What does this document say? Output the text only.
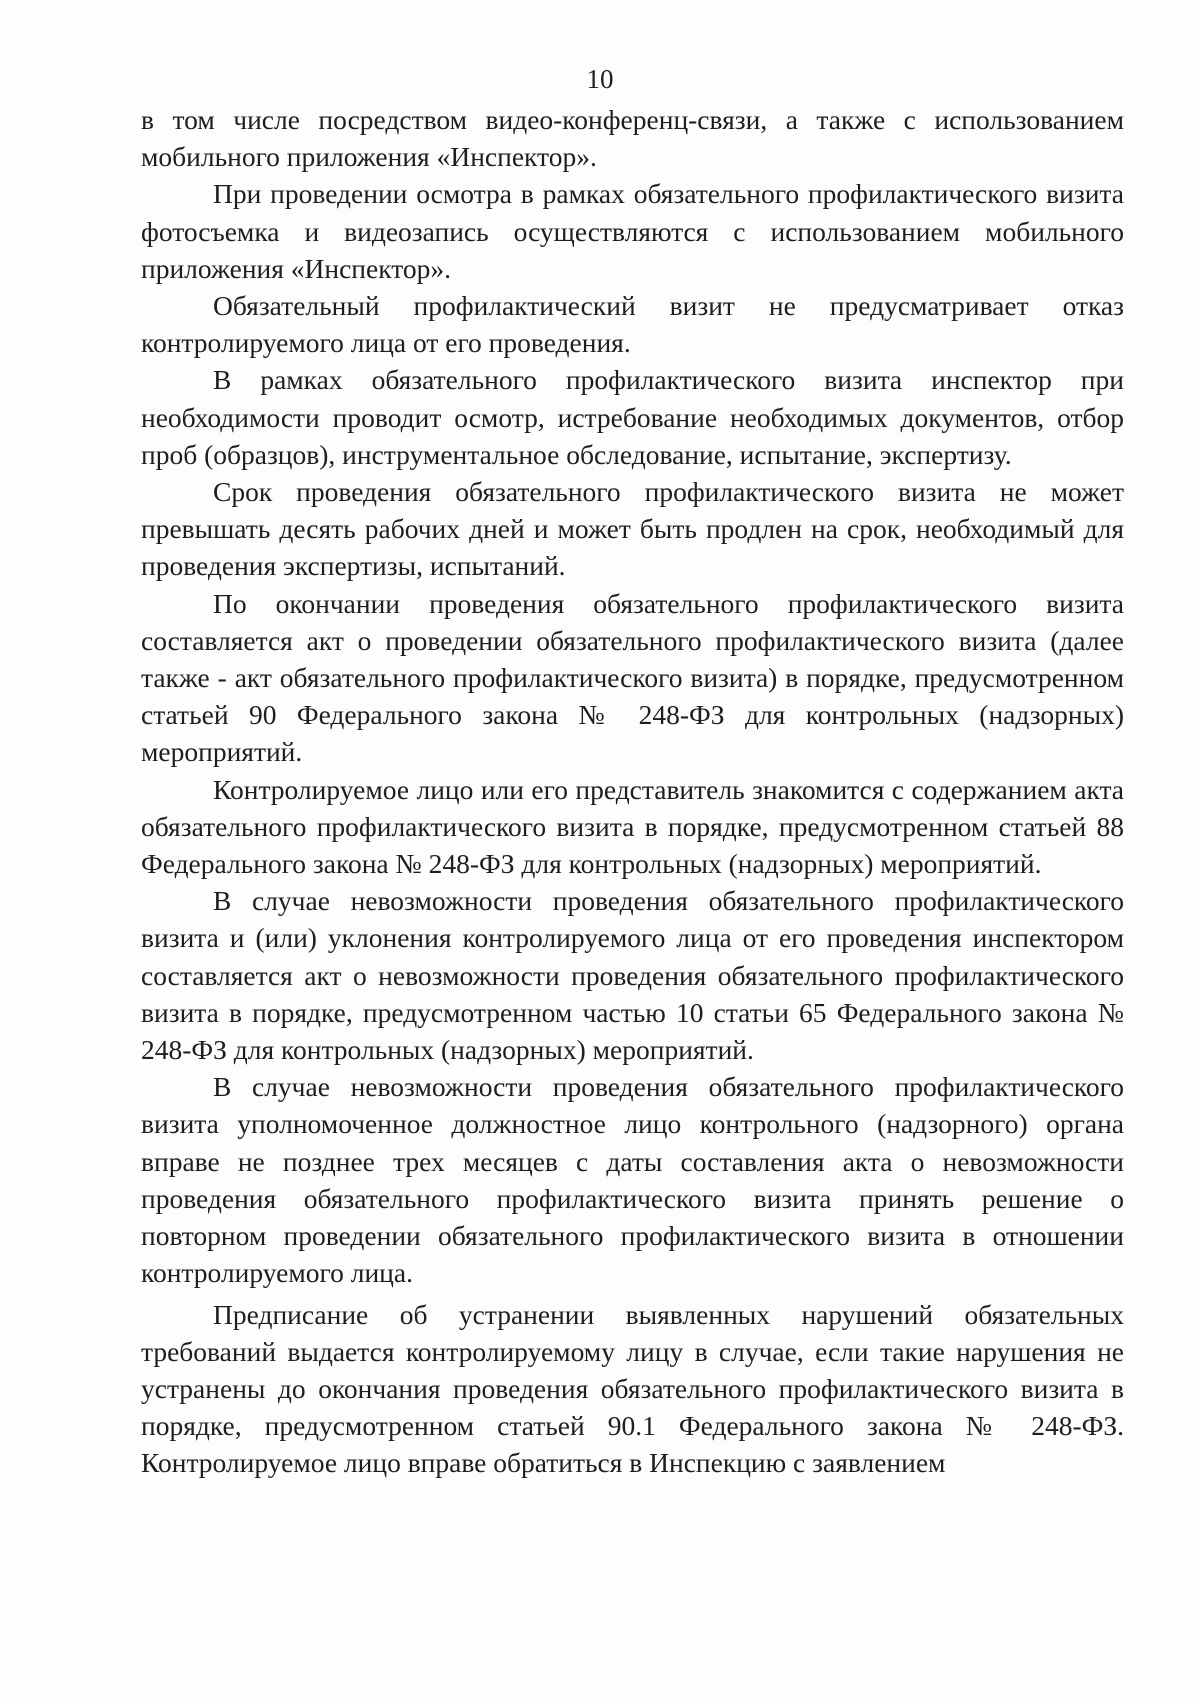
10

в том числе посредством видео-конференц-связи, а также с использованием мобильного приложения «Инспектор».

При проведении осмотра в рамках обязательного профилактического визита фотосъемка и видеозапись осуществляются с использованием мобильного приложения «Инспектор».

Обязательный профилактический визит не предусматривает отказ контролируемого лица от его проведения.

В рамках обязательного профилактического визита инспектор при необходимости проводит осмотр, истребование необходимых документов, отбор проб (образцов), инструментальное обследование, испытание, экспертизу.

Срок проведения обязательного профилактического визита не может превышать десять рабочих дней и может быть продлен на срок, необходимый для проведения экспертизы, испытаний.

По окончании проведения обязательного профилактического визита составляется акт о проведении обязательного профилактического визита (далее также - акт обязательного профилактического визита) в порядке, предусмотренном статьей 90 Федерального закона № 248-ФЗ для контрольных (надзорных) мероприятий.

Контролируемое лицо или его представитель знакомится с содержанием акта обязательного профилактического визита в порядке, предусмотренном статьей 88 Федерального закона № 248-ФЗ для контрольных (надзорных) мероприятий.

В случае невозможности проведения обязательного профилактического визита и (или) уклонения контролируемого лица от его проведения инспектором составляется акт о невозможности проведения обязательного профилактического визита в порядке, предусмотренном частью 10 статьи 65 Федерального закона № 248-ФЗ для контрольных (надзорных) мероприятий.

В случае невозможности проведения обязательного профилактического визита уполномоченное должностное лицо контрольного (надзорного) органа вправе не позднее трех месяцев с даты составления акта о невозможности проведения обязательного профилактического визита принять решение о повторном проведении обязательного профилактического визита в отношении контролируемого лица.

Предписание об устранении выявленных нарушений обязательных требований выдается контролируемому лицу в случае, если такие нарушения не устранены до окончания проведения обязательного профилактического визита в порядке, предусмотренном статьей 90.1 Федерального закона № 248-ФЗ. Контролируемое лицо вправе обратиться в Инспекцию с заявлением
